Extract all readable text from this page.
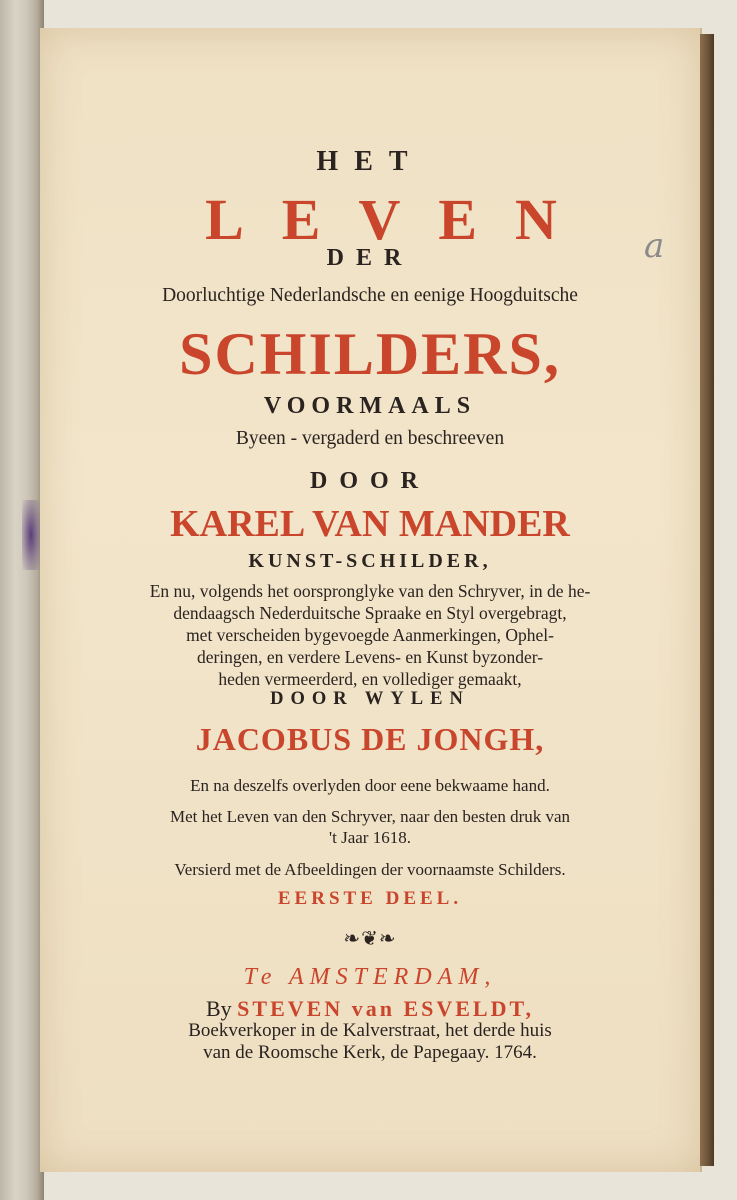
HET

LEVEN

DER

Doorluchtige Nederlandsche en eenige Hoogduitsche

SCHILDERS,

VOORMAALS

Byeen - vergaderd en beschreeven

DOOR

KAREL VAN MANDER

KUNST-SCHILDER,

En nu, volgends het oorspronglyke van den Schryver, in de he-
dendaagsch Nederduitsche Spraake en Styl overgebragt,
met verscheiden bygevoegde Aanmerkingen, Ophel-
deringen, en verdere Levens- en Kunst byzonder-
heden vermeerderd, en vollediger gemaakt,

DOOR WYLEN

JACOBUS DE JONGH,

En na deszelfs overlyden door eene bekwaame hand.

Met het Leven van den Schryver, naar den besten druk van
't Jaar 1618.

Versierd met de Afbeeldingen der voornaamste Schilders.

EERSTE DEEL.

❧❦❧

Te AMSTERDAM,

By STEVEN van ESVELDT,

Boekverkoper in de Kalverstraat, het derde huis
van de Roomsche Kerk, de Papegaay. 1764.
a
